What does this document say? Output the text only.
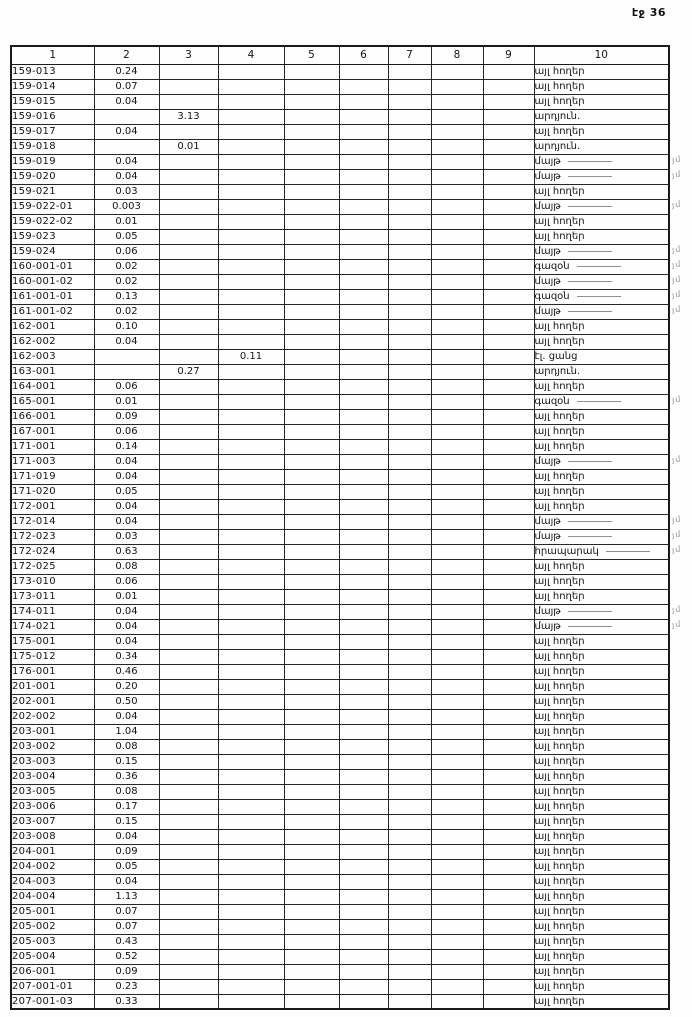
էջ 36
1	2	3	4	5	6	7	8	9	10
159-013	0.24								այլ հողեր
159-014	0.07								այլ հողեր
159-015	0.04								այլ հողեր
159-016		3.13							արդյուն.
159-017	0.04								այլ հողեր
159-018		0.01							արդյուն.
159-019	0.04								մայթ
159-020	0.04								մայթ
159-021	0.03								այլ հողեր
159-022-01	0.003								մայթ
159-022-02	0.01								այլ հողեր
159-023	0.05								այլ հողեր
159-024	0.06								մայթ
160-001-01	0.02								գազօն
160-001-02	0.02								մայթ
161-001-01	0.13								գազօն
161-001-02	0.02								մայթ
162-001	0.10								այլ հողեր
162-002	0.04								այլ հողեր
162-003			0.11						էլ. ցանց
163-001		0.27							արդյուն.
164-001	0.06								այլ հողեր
165-001	0.01								գազօն
166-001	0.09								այլ հողեր
167-001	0.06								այլ հողեր
171-001	0.14								այլ հողեր
171-003	0.04								մայթ
171-019	0.04								այլ հողեր
171-020	0.05								այլ հողեր
172-001	0.04								այլ հողեր
172-014	0.04								մայթ
172-023	0.03								մայթ
172-024	0.63								հրապարակ
172-025	0.08								այլ հողեր
173-010	0.06								այլ հողեր
173-011	0.01								այլ հողեր
174-011	0.04								մայթ
174-021	0.04								մայթ
175-001	0.04								այլ հողեր
175-012	0.34								այլ հողեր
176-001	0.46								այլ հողեր
201-001	0.20								այլ հողեր
202-001	0.50								այլ հողեր
202-002	0.04								այլ հողեր
203-001	1.04								այլ հողեր
203-002	0.08								այլ հողեր
203-003	0.15								այլ հողեր
203-004	0.36								այլ հողեր
203-005	0.08								այլ հողեր
203-006	0.17								այլ հողեր
203-007	0.15								այլ հողեր
203-008	0.04								այլ հողեր
204-001	0.09								այլ հողեր
204-002	0.05								այլ հողեր
204-003	0.04								այլ հողեր
204-004	1.13								այլ հողեր
205-001	0.07								այլ հողեր
205-002	0.07								այլ հողեր
205-003	0.43								այլ հողեր
205-004	0.52								այլ հողեր
206-001	0.09								այլ հողեր
207-001-01	0.23								այլ հողեր
207-001-03	0.33								այլ հողեր
յմ
յմ
յմ
յմ
յմ
յմ
յմ
յմ
յմ
յմ
յմ
յմ
յմ
յմ
յմ
